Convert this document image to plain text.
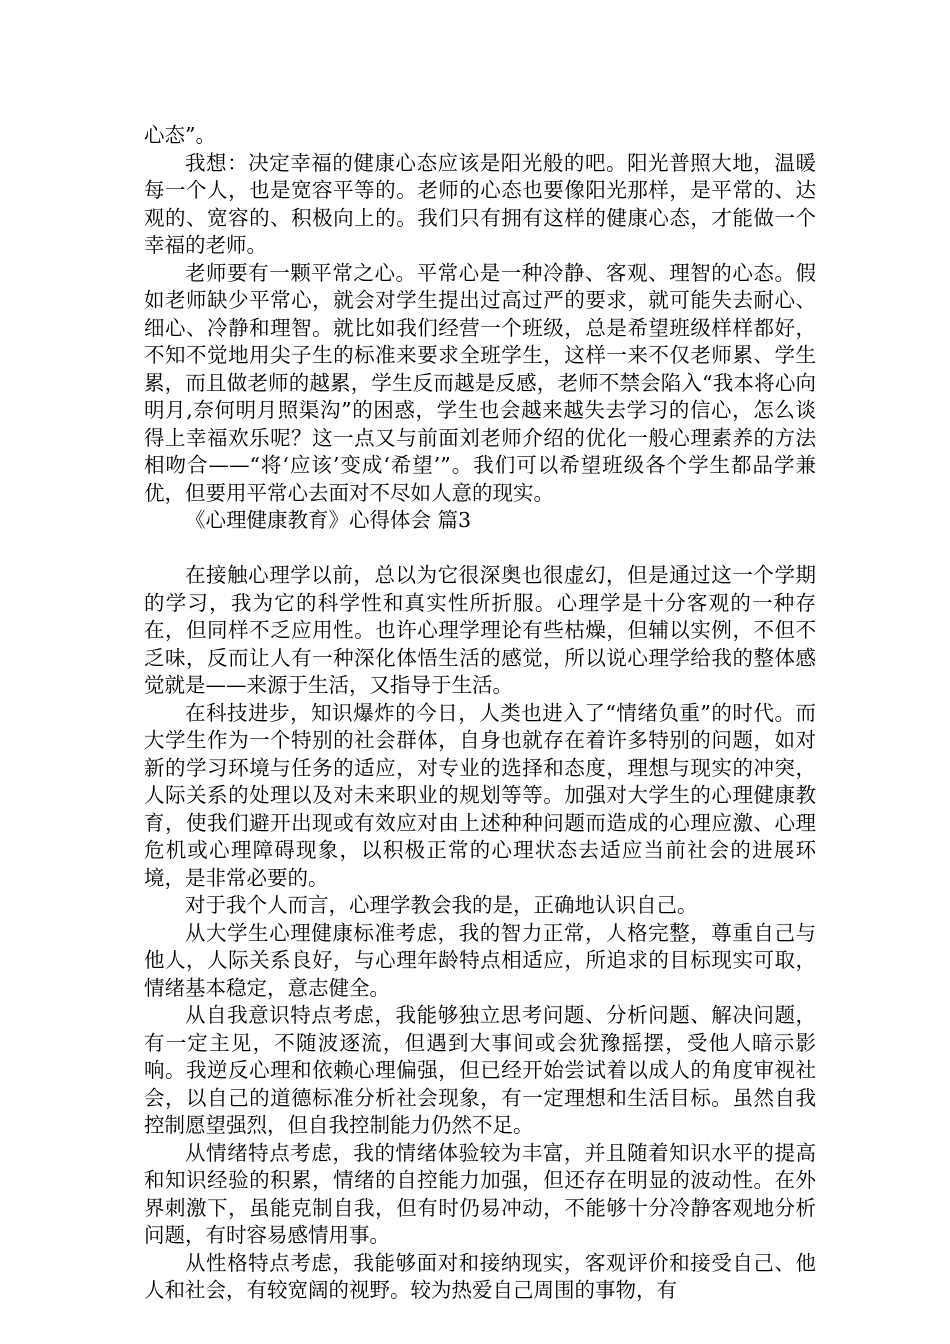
心态”。

我想：决定幸福的健康心态应该是阳光般的吧。阳光普照大地，温暖每一个人，也是宽容平等的。老师的心态也要像阳光那样，是平常的、达观的、宽容的、积极向上的。我们只有拥有这样的健康心态，才能做一个幸福的老师。

老师要有一颗平常之心。平常心是一种冷静、客观、理智的心态。假如老师缺少平常心，就会对学生提出过高过严的要求，就可能失去耐心、细心、冷静和理智。就比如我们经营一个班级，总是希望班级样样都好，不知不觉地用尖子生的标准来要求全班学生，这样一来不仅老师累、学生累，而且做老师的越累，学生反而越是反感，老师不禁会陷入“我本将心向明月,奈何明月照渠沟”的困惑，学生也会越来越失去学习的信心，怎么谈得上幸福欢乐呢？这一点又与前面刘老师介绍的优化一般心理素养的方法相吻合——“将‘应该’变成‘希望’”。我们可以希望班级各个学生都品学兼优，但要用平常心去面对不尽如人意的现实。

《心理健康教育》心得体会 篇3

在接触心理学以前，总以为它很深奥也很虚幻，但是通过这一个学期的学习，我为它的科学性和真实性所折服。心理学是十分客观的一种存在，但同样不乏应用性。也许心理学理论有些枯燥，但辅以实例，不但不乏味，反而让人有一种深化体悟生活的感觉，所以说心理学给我的整体感觉就是——来源于生活，又指导于生活。

在科技进步，知识爆炸的今日，人类也进入了“情绪负重”的时代。而大学生作为一个特别的社会群体，自身也就存在着许多特别的问题，如对新的学习环境与任务的适应，对专业的选择和态度，理想与现实的冲突，人际关系的处理以及对未来职业的规划等等。加强对大学生的心理健康教育，使我们避开出现或有效应对由上述种种问题而造成的心理应激、心理危机或心理障碍现象，以积极正常的心理状态去适应当前社会的进展环境，是非常必要的。

对于我个人而言，心理学教会我的是，正确地认识自己。

从大学生心理健康标准考虑，我的智力正常，人格完整，尊重自己与他人，人际关系良好，与心理年龄特点相适应，所追求的目标现实可取，情绪基本稳定，意志健全。

从自我意识特点考虑，我能够独立思考问题、分析问题、解决问题，有一定主见，不随波逐流，但遇到大事间或会犹豫摇摆，受他人暗示影响。我逆反心理和依赖心理偏强，但已经开始尝试着以成人的角度审视社会，以自己的道德标准分析社会现象，有一定理想和生活目标。虽然自我控制愿望强烈，但自我控制能力仍然不足。

从情绪特点考虑，我的情绪体验较为丰富，并且随着知识水平的提高和知识经验的积累，情绪的自控能力加强，但还存在明显的波动性。在外界刺激下，虽能克制自我，但有时仍易冲动，不能够十分冷静客观地分析问题，有时容易感情用事。

从性格特点考虑，我能够面对和接纳现实，客观评价和接受自己、他人和社会，有较宽阔的视野。较为热爱自己周围的事物，有
